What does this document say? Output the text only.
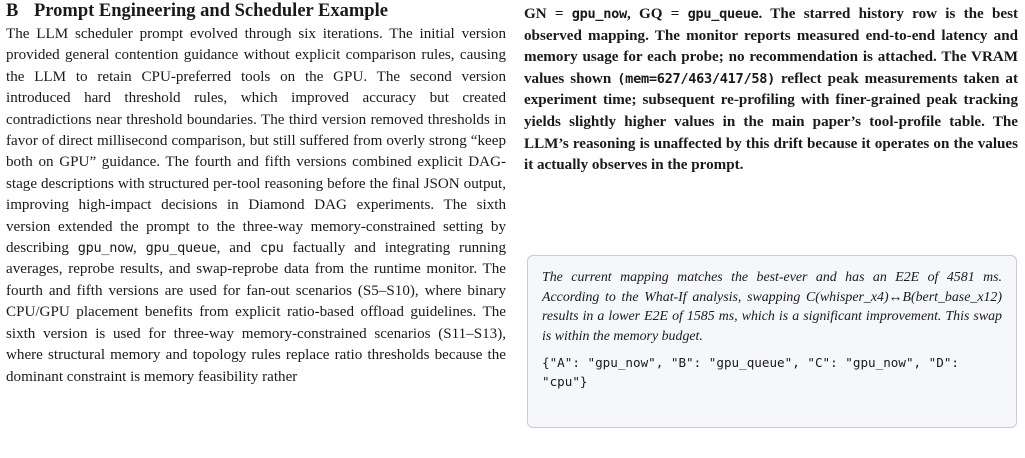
B Prompt Engineering and Scheduler Example

The LLM scheduler prompt evolved through six iterations. The initial version provided general contention guidance without explicit comparison rules, causing the LLM to retain CPU-preferred tools on the GPU. The second version introduced hard threshold rules, which improved accuracy but created contradictions near threshold boundaries. The third version removed thresholds in favor of direct millisecond comparison, but still suffered from overly strong “keep both on GPU” guidance. The fourth and fifth versions combined explicit DAG-stage descriptions with structured per-tool reasoning before the final JSON output, improving high-impact decisions in Diamond DAG experiments. The sixth version extended the prompt to the three-way memory-constrained setting by describing gpu_now, gpu_queue, and cpu factually and integrating running averages, reprobe results, and swap-reprobe data from the runtime monitor. The fourth and fifth versions are used for fan-out scenarios (S5–S10), where binary CPU/GPU placement benefits from explicit ratio-based offload guidelines. The sixth version is used for three-way memory-constrained scenarios (S11–S13), where structural memory and topology rules replace ratio thresholds because the dominant constraint is memory feasibility rather

GN = gpu_now, GQ = gpu_queue. The starred history row is the best observed mapping. The monitor reports measured end-to-end latency and memory usage for each probe; no recommendation is attached. The VRAM values shown (mem=627/463/417/58) reflect peak measurements taken at experiment time; subsequent re-profiling with finer-grained peak tracking yields slightly higher values in the main paper’s tool-profile table. The LLM’s reasoning is unaffected by this drift because it operates on the values it actually observes in the prompt.

The current mapping matches the best-ever and has an E2E of 4581 ms. According to the What-If analysis, swapping C(whisper_x4)↔B(bert_base_x12) results in a lower E2E of 1585 ms, which is a significant improvement. This swap is within the memory budget.

{"A": "gpu_now", "B": "gpu_queue", "C": "gpu_now", "D": "cpu"}
